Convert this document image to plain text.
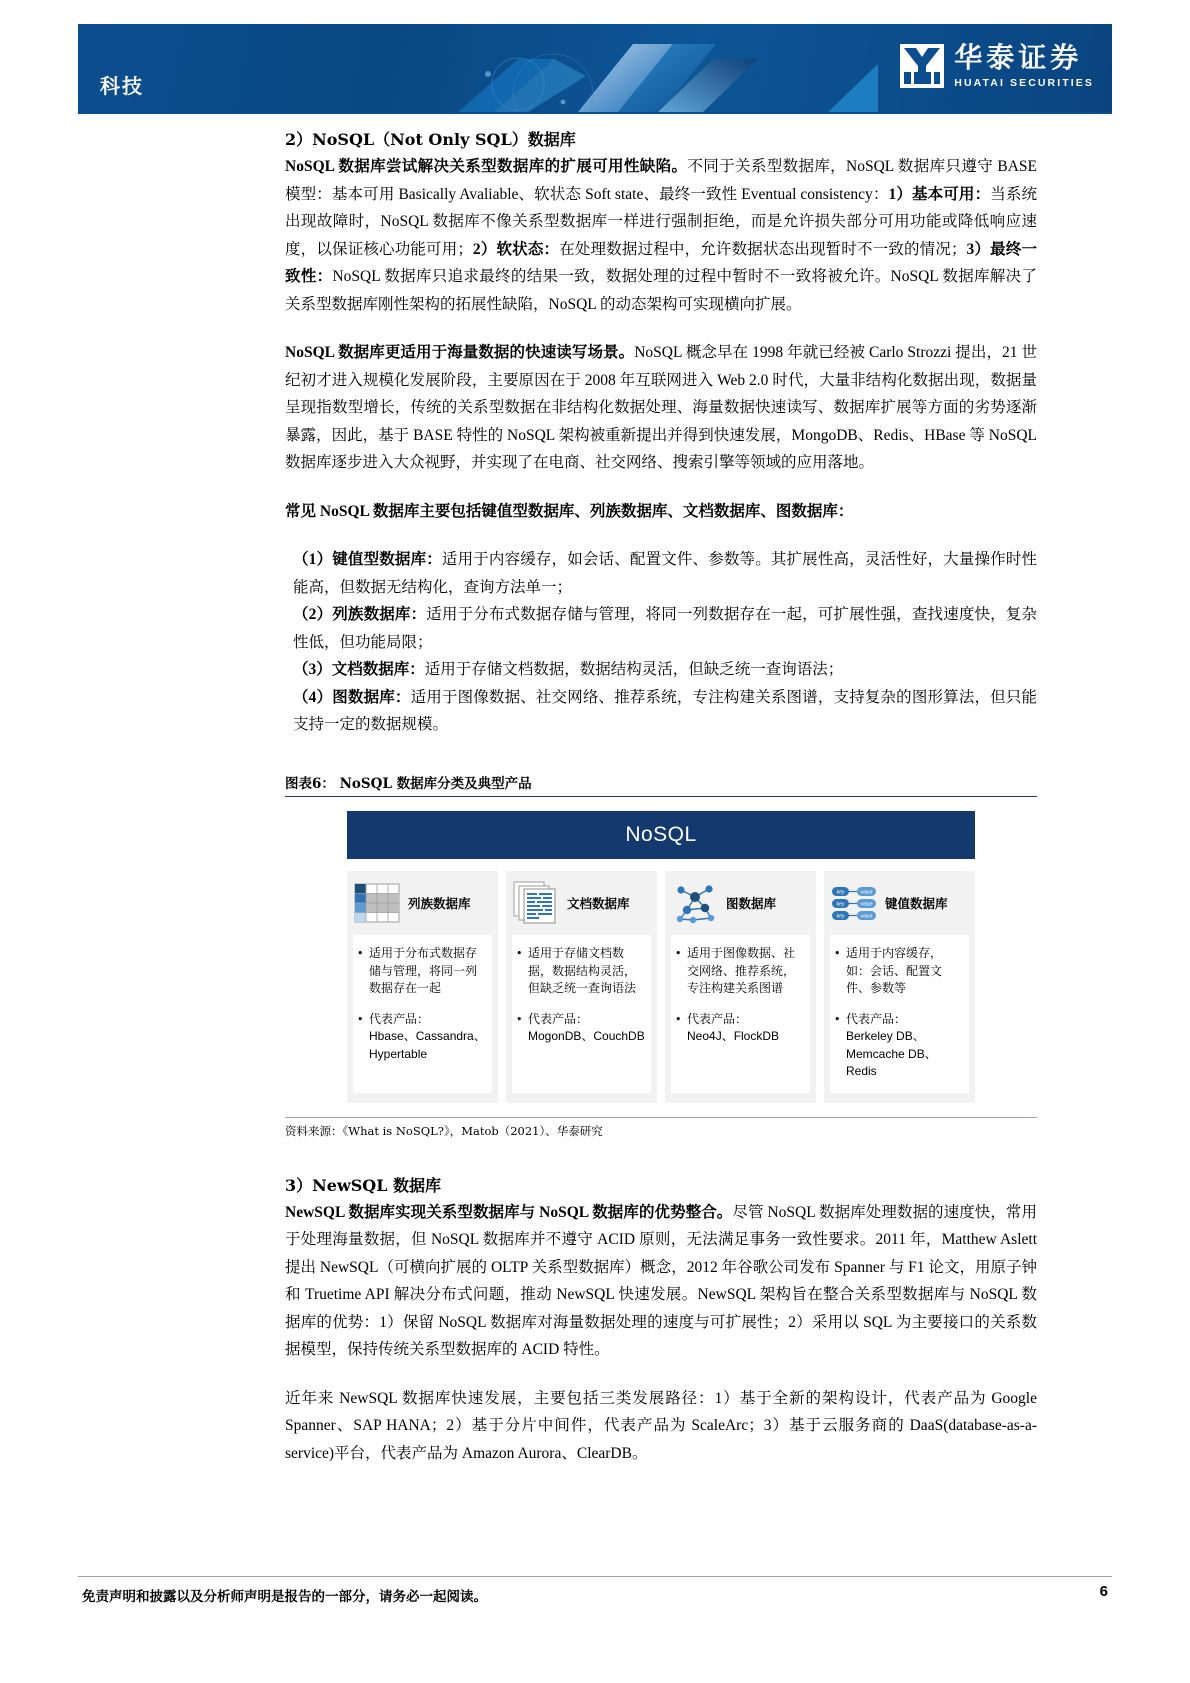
科技
华泰证券
HUATAI SECURITIES
2）NoSQL（Not Only SQL）数据库

NoSQL 数据库尝试解决关系型数据库的扩展可用性缺陷。不同于关系型数据库，NoSQL 数据库只遵守 BASE 模型：基本可用 Basically Avaliable、软状态 Soft state、最终一致性 Eventual consistency：1）基本可用：当系统出现故障时，NoSQL 数据库不像关系型数据库一样进行强制拒绝，而是允许损失部分可用功能或降低响应速度，以保证核心功能可用；2）软状态：在处理数据过程中，允许数据状态出现暂时不一致的情况；3）最终一致性：NoSQL 数据库只追求最终的结果一致，数据处理的过程中暂时不一致将被允许。NoSQL 数据库解决了关系型数据库刚性架构的拓展性缺陷，NoSQL 的动态架构可实现横向扩展。

NoSQL 数据库更适用于海量数据的快速读写场景。NoSQL 概念早在 1998 年就已经被 Carlo Strozzi 提出，21 世纪初才进入规模化发展阶段，主要原因在于 2008 年互联网进入 Web 2.0 时代，大量非结构化数据出现，数据量呈现指数型增长，传统的关系型数据在非结构化数据处理、海量数据快速读写、数据库扩展等方面的劣势逐渐暴露，因此，基于 BASE 特性的 NoSQL 架构被重新提出并得到快速发展，MongoDB、Redis、HBase 等 NoSQL 数据库逐步进入大众视野，并实现了在电商、社交网络、搜索引擎等领域的应用落地。

常见 NoSQL 数据库主要包括键值型数据库、列族数据库、文档数据库、图数据库：

（1）键值型数据库：适用于内容缓存，如会话、配置文件、参数等。其扩展性高，灵活性好，大量操作时性能高，但数据无结构化，查询方法单一；

（2）列族数据库：适用于分布式数据存储与管理，将同一列数据存在一起，可扩展性强，查找速度快，复杂性低，但功能局限；

（3）文档数据库：适用于存储文档数据，数据结构灵活，但缺乏统一查询语法；

（4）图数据库：适用于图像数据、社交网络、推荐系统，专注构建关系图谱，支持复杂的图形算法，但只能支持一定的数据规模。

图表6： NoSQL 数据库分类及典型产品
NoSQL
列族数据库
• 适用于分布式数据存储与管理，将同一列数据存在一起
• 代表产品：
Hbase、Cassandra、Hypertable
文档数据库
• 适用于存储文档数据，数据结构灵活，但缺乏统一查询语法
• 代表产品：
MogonDB、CouchDB
图数据库
• 适用于图像数据、社交网络、推荐系统，专注构建关系图谱
• 代表产品：
Neo4J、FlockDB
key	value
key	value
key	value
键值数据库
• 适用于内容缓存，如：会话、配置文件、参数等
• 代表产品：
Berkeley DB、Memcache DB、Redis
资料来源：《What is NoSQL?》，Matob（2021）、华泰研究
3）NewSQL 数据库

NewSQL 数据库实现关系型数据库与 NoSQL 数据库的优势整合。尽管 NoSQL 数据库处理数据的速度快，常用于处理海量数据，但 NoSQL 数据库并不遵守 ACID 原则，无法满足事务一致性要求。2011 年，Matthew Aslett 提出 NewSQL（可横向扩展的 OLTP 关系型数据库）概念，2012 年谷歌公司发布 Spanner 与 F1 论文，用原子钟和 Truetime API 解决分布式问题，推动 NewSQL 快速发展。NewSQL 架构旨在整合关系型数据库与 NoSQL 数据库的优势：1）保留 NoSQL 数据库对海量数据处理的速度与可扩展性；2）采用以 SQL 为主要接口的关系数据模型，保持传统关系型数据库的 ACID 特性。

近年来 NewSQL 数据库快速发展，主要包括三类发展路径：1）基于全新的架构设计，代表产品为 Google Spanner、SAP HANA；2）基于分片中间件，代表产品为 ScaleArc；3）基于云服务商的 DaaS(database-as-a-service)平台，代表产品为 Amazon Aurora、ClearDB。

免责声明和披露以及分析师声明是报告的一部分，请务必一起阅读。	6
